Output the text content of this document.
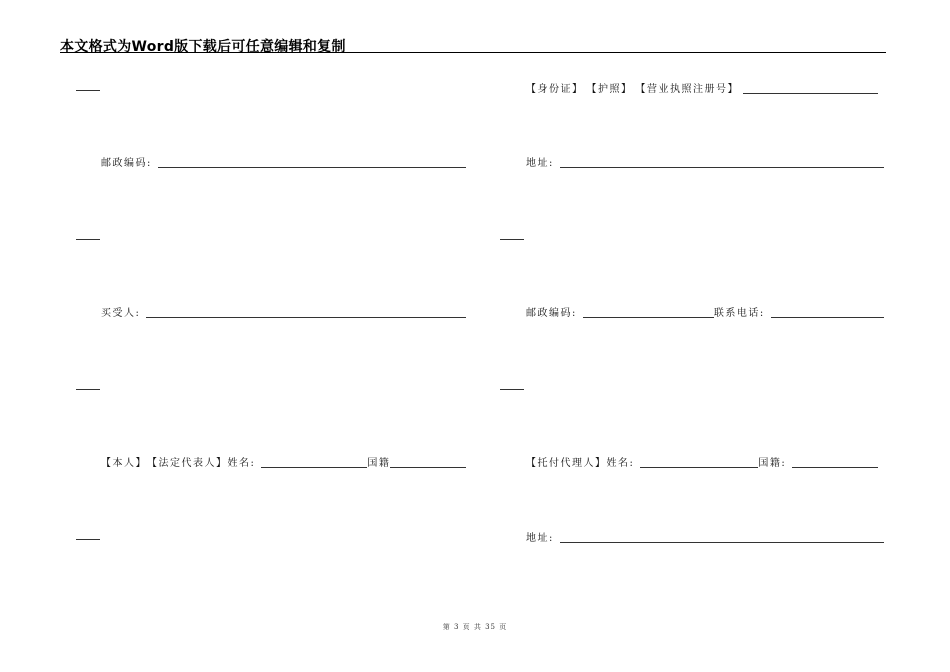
本文格式为Word版下载后可任意编辑和复制
邮政编码:
买受人:
【本人】 【法定代表人】 姓名:	国籍
【身份证】 【护照】 【营业执照注册号】
地址:
邮政编码:	联系电话:
【托付代理人】 姓名:	国籍:
地址:
第 3 页 共 35 页
